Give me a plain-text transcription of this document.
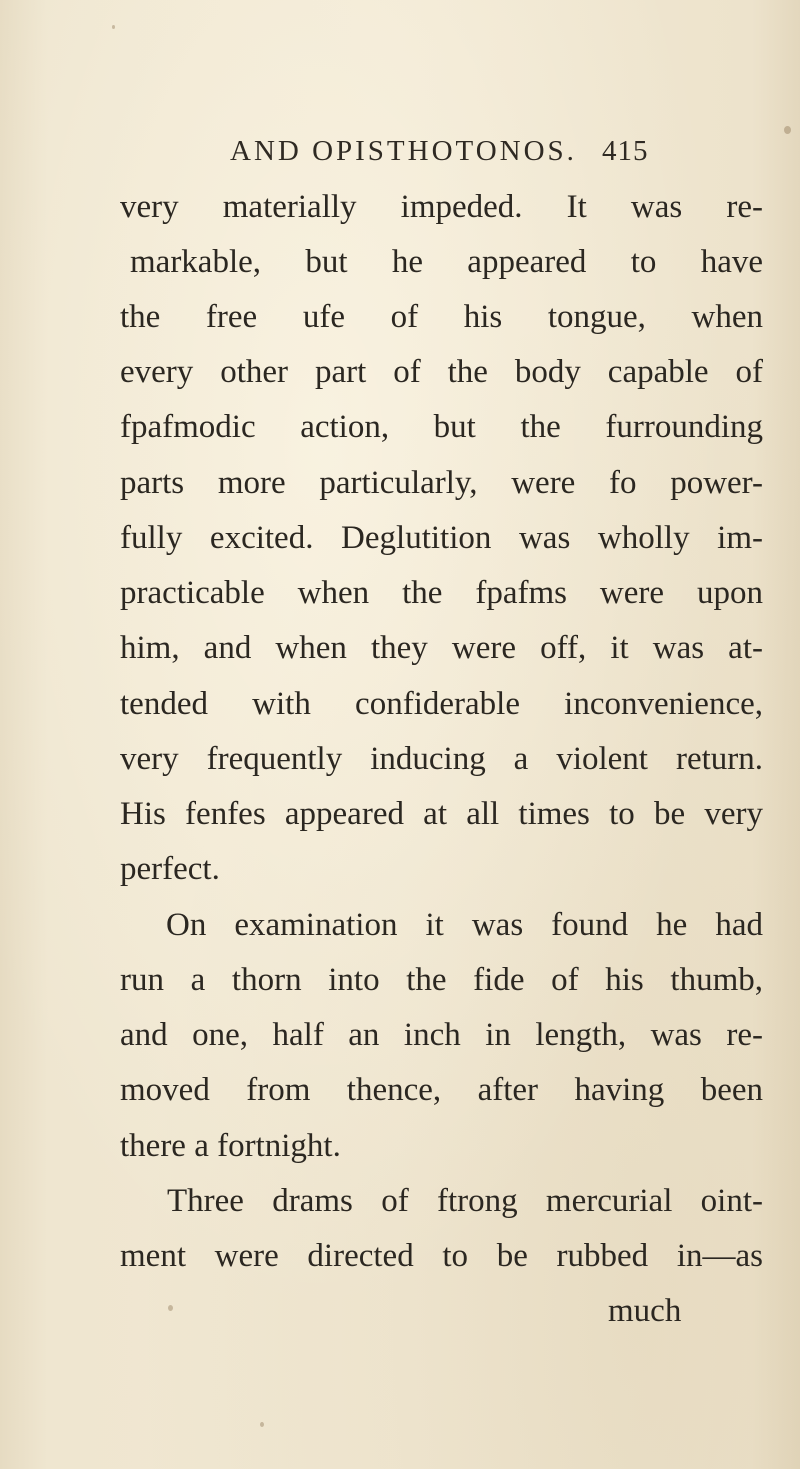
AND OPISTHOTONOS. 415
very materially impeded. It was re-
markable, but he appeared to have
the free ufe of his tongue, when
every other part of the body capable of
fpafmodic action, but the furrounding
parts more particularly, were fo power-
fully excited. Deglutition was wholly im-
practicable when the fpafms were upon
him, and when they were off, it was at-
tended with confiderable inconvenience,
very frequently inducing a violent return.
His fenfes appeared at all times to be very
perfect.
On examination it was found he had
run a thorn into the fide of his thumb,
and one, half an inch in length, was re-
moved from thence, after having been
there a fortnight.
Three drams of ftrong mercurial oint-
ment were directed to be rubbed in—as
much
